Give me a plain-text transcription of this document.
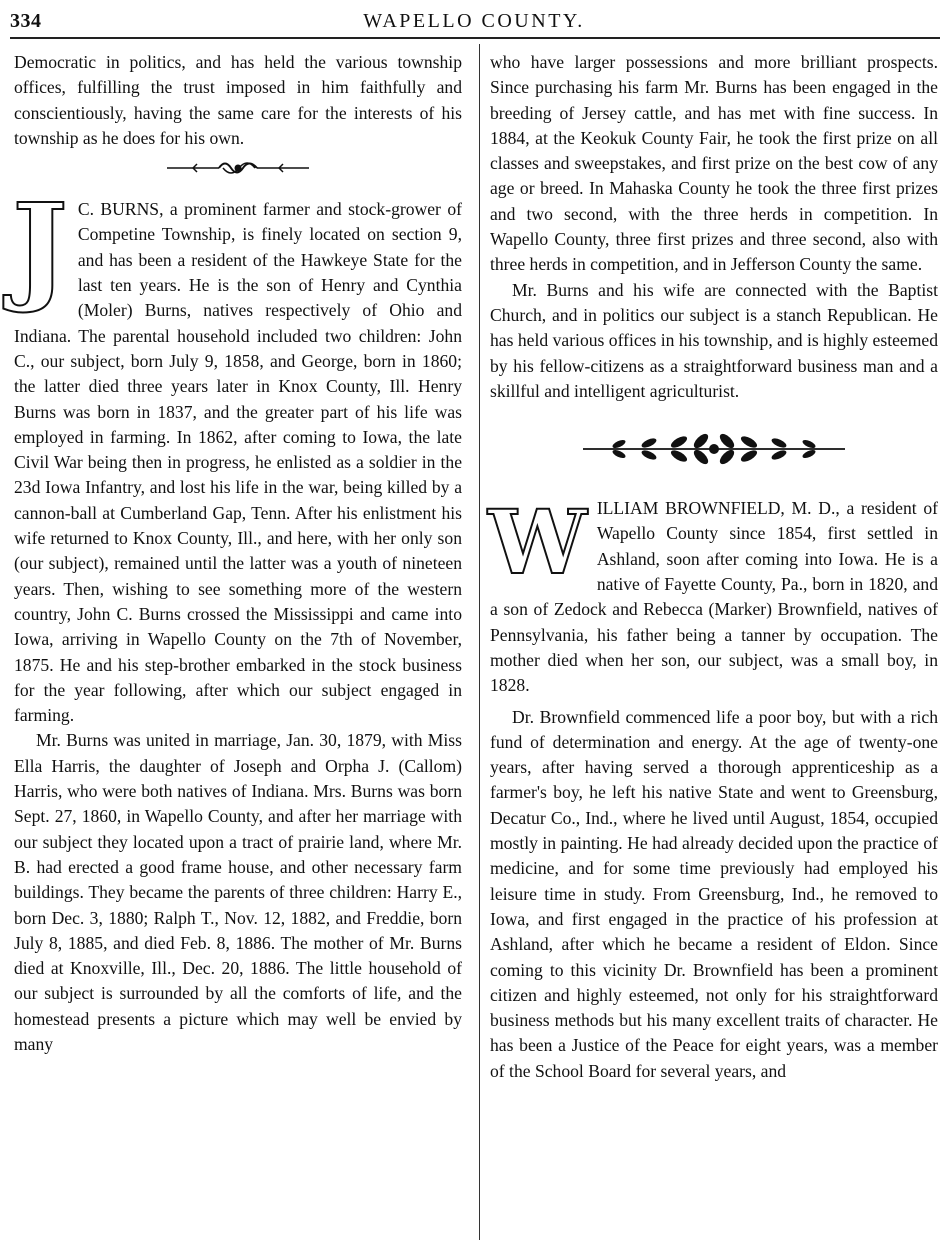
334	WAPELLO COUNTY.

Democratic in politics, and has held the various township offices, fulfilling the trust imposed in him faithfully and conscientiously, having the same care for the interests of his township as he does for his own.

J C. BURNS, a prominent farmer and stock-grower of Competine Township, is finely located on section 9, and has been a resident of the Hawkeye State for the last ten years. He is the son of Henry and Cynthia (Moler) Burns, natives respectively of Ohio and Indiana. The parental household included two children: John C., our subject, born July 9, 1858, and George, born in 1860; the latter died three years later in Knox County, Ill. Henry Burns was born in 1837, and the greater part of his life was employed in farming. In 1862, after coming to Iowa, the late Civil War being then in progress, he enlisted as a soldier in the 23d Iowa Infantry, and lost his life in the war, being killed by a cannon-ball at Cumberland Gap, Tenn. After his enlistment his wife returned to Knox County, Ill., and here, with her only son (our subject), remained until the latter was a youth of nineteen years. Then, wishing to see something more of the western country, John C. Burns crossed the Mississippi and came into Iowa, arriving in Wapello County on the 7th of November, 1875. He and his step-brother embarked in the stock business for the year following, after which our subject engaged in farming.

Mr. Burns was united in marriage, Jan. 30, 1879, with Miss Ella Harris, the daughter of Joseph and Orpha J. (Callom) Harris, who were both natives of Indiana. Mrs. Burns was born Sept. 27, 1860, in Wapello County, and after her marriage with our subject they located upon a tract of prairie land, where Mr. B. had erected a good frame house, and other necessary farm buildings. They became the parents of three children: Harry E., born Dec. 3, 1880; Ralph T., Nov. 12, 1882, and Freddie, born July 8, 1885, and died Feb. 8, 1886. The mother of Mr. Burns died at Knoxville, Ill., Dec. 20, 1886. The little household of our subject is surrounded by all the comforts of life, and the homestead presents a picture which may well be envied by many

who have larger possessions and more brilliant prospects. Since purchasing his farm Mr. Burns has been engaged in the breeding of Jersey cattle, and has met with fine success. In 1884, at the Keokuk County Fair, he took the first prize on all classes and sweepstakes, and first prize on the best cow of any age or breed. In Mahaska County he took the three first prizes and two second, with the three herds in competition. In Wapello County, three first prizes and three second, also with three herds in competition, and in Jefferson County the same.

Mr. Burns and his wife are connected with the Baptist Church, and in politics our subject is a stanch Republican. He has held various offices in his township, and is highly esteemed by his fellow-citizens as a straightforward business man and a skillful and intelligent agriculturist.

W ILLIAM BROWNFIELD, M. D., a resident of Wapello County since 1854, first settled in Ashland, soon after coming into Iowa. He is a native of Fayette County, Pa., born in 1820, and a son of Zedock and Rebecca (Marker) Brownfield, natives of Pennsylvania, his father being a tanner by occupation. The mother died when her son, our subject, was a small boy, in 1828.

Dr. Brownfield commenced life a poor boy, but with a rich fund of determination and energy. At the age of twenty-one years, after having served a thorough apprenticeship as a farmer's boy, he left his native State and went to Greensburg, Decatur Co., Ind., where he lived until August, 1854, occupied mostly in painting. He had already decided upon the practice of medicine, and for some time previously had employed his leisure time in study. From Greensburg, Ind., he removed to Iowa, and first engaged in the practice of his profession at Ashland, after which he became a resident of Eldon. Since coming to this vicinity Dr. Brownfield has been a prominent citizen and highly esteemed, not only for his straightforward business methods but his many excellent traits of character. He has been a Justice of the Peace for eight years, was a member of the School Board for several years, and
